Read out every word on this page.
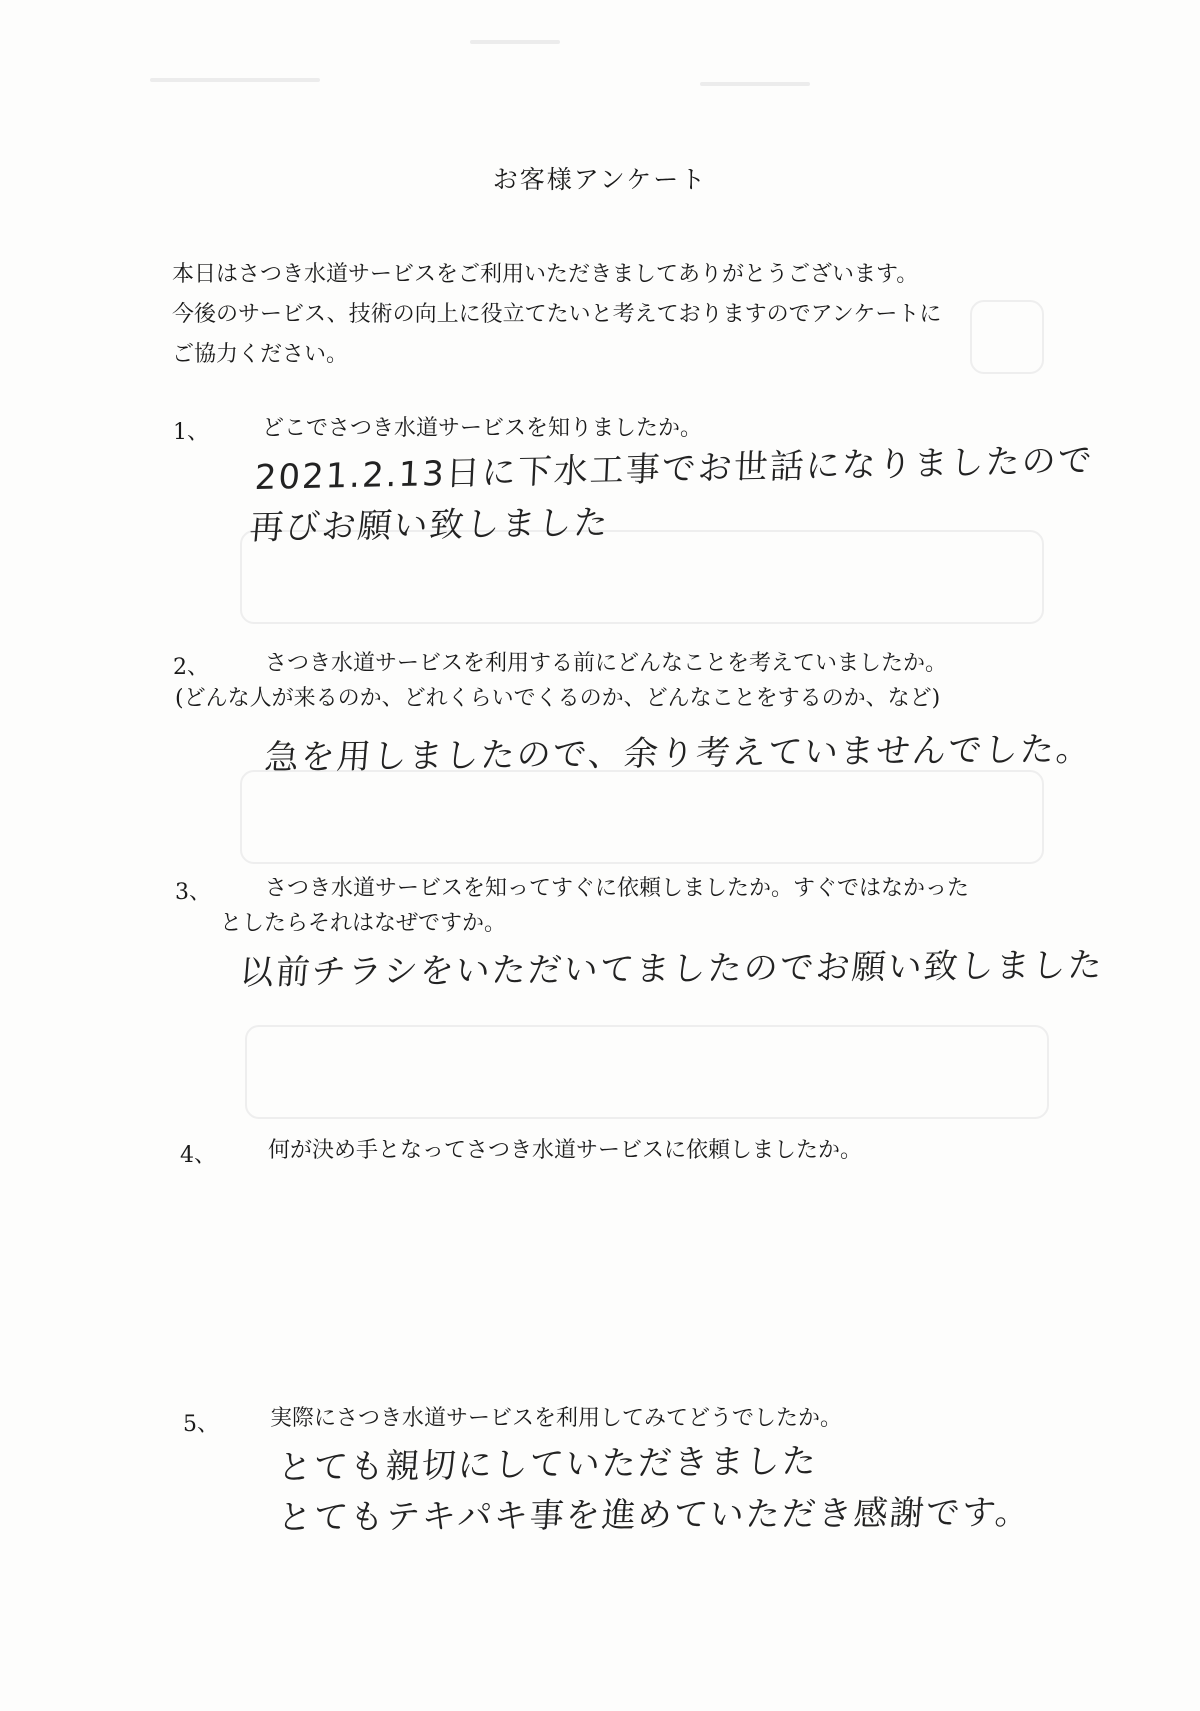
お客様アンケート
本日はさつき水道サービスをご利用いただきましてありがとうございます。
今後のサービス、技術の向上に役立てたいと考えておりますのでアンケートに
ご協力ください。
1、 どこでさつき水道サービスを知りましたか。
2021.2.13日に下水工事でお世話になりましたので
再びお願い致しました
2、	さつき水道サービスを利用する前にどんなことを考えていましたか。
(どんな人が来るのか、どれくらいでくるのか、どんなことをするのか、など)
急を用しましたので、余り考えていませんでした。
3、 さつき水道サービスを知ってすぐに依頼しましたか。すぐではなかった
としたらそれはなぜですか。
以前チラシをいただいてましたのでお願い致しました
4、 何が決め手となってさつき水道サービスに依頼しましたか。
5、 実際にさつき水道サービスを利用してみてどうでしたか。
とても親切にしていただきました
とてもテキパキ事を進めていただき感謝です。
